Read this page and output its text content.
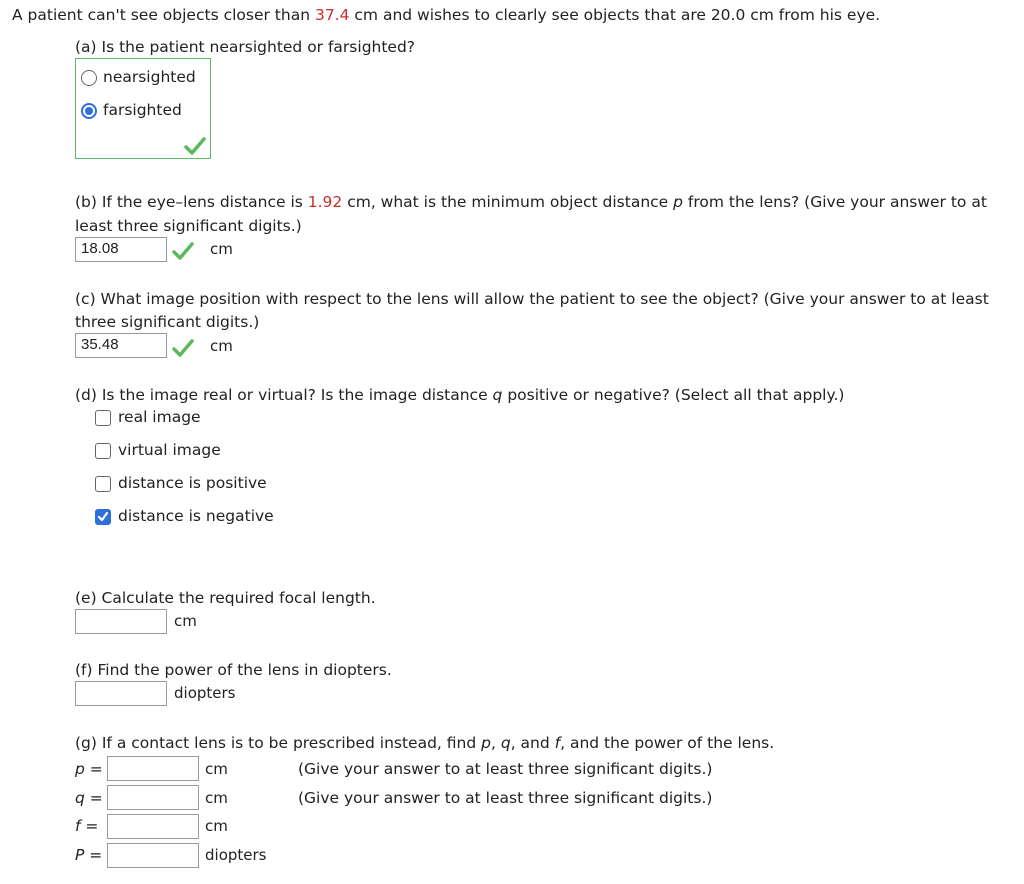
A patient can't see objects closer than 37.4 cm and wishes to clearly see objects that are 20.0 cm from his eye.
(a) Is the patient nearsighted or farsighted?
nearsighted
farsighted
(b) If the eye–lens distance is 1.92 cm, what is the minimum object distance p from the lens? (Give your answer to at
least three significant digits.)
18.08	cm
(c) What image position with respect to the lens will allow the patient to see the object? (Give your answer to at least
three significant digits.)
35.48	cm
(d) Is the image real or virtual? Is the image distance q positive or negative? (Select all that apply.)
real image
virtual image
distance is positive
distance is negative
(e) Calculate the required focal length.
cm
(f) Find the power of the lens in diopters.
diopters
(g) If a contact lens is to be prescribed instead, find p, q, and f, and the power of the lens.
p =	cm	(Give your answer to at least three significant digits.)
q =	cm	(Give your answer to at least three significant digits.)
f =	cm
P =	diopters
